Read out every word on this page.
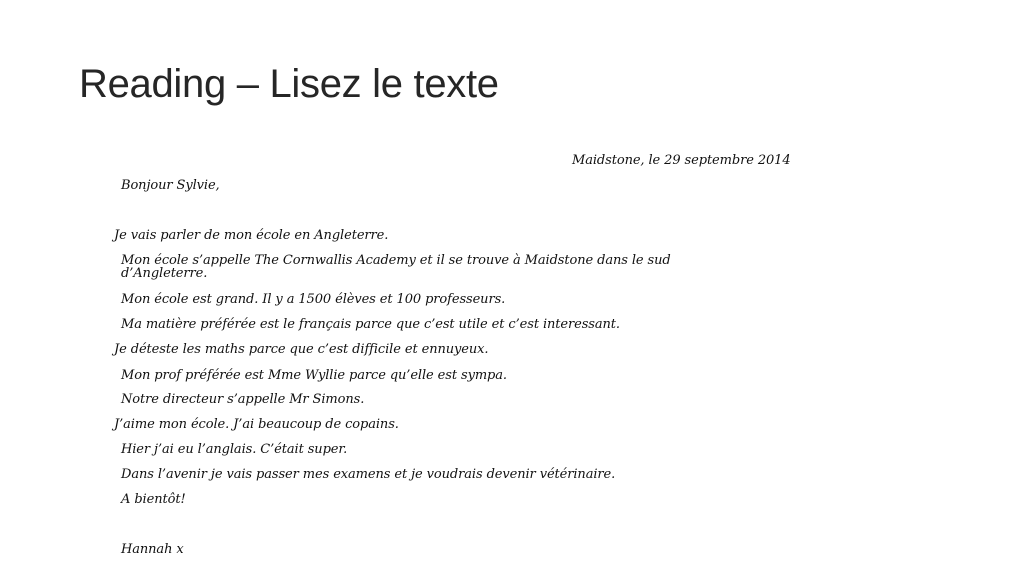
Reading – Lisez le texte
Maidstone, le 29 septembre 2014
Bonjour Sylvie,
Je vais parler de mon école en Angleterre.
Mon école s’appelle The Cornwallis Academy et il se trouve à Maidstone dans le sud d’Angleterre.
Mon école est grand. Il y a 1500 élèves et 100 professeurs.
Ma matière préférée est le français parce que c’est utile et c’est interessant.
Je déteste les maths parce que c’est difficile et ennuyeux.
Mon prof préférée est Mme Wyllie parce qu’elle est sympa.
Notre directeur s’appelle Mr Simons.
J’aime mon école. J’ai beaucoup de copains.
Hier j’ai eu l’anglais. C’était super.
Dans l’avenir je vais passer mes examens et je voudrais devenir vétérinaire.
A bientôt!
Hannah x
